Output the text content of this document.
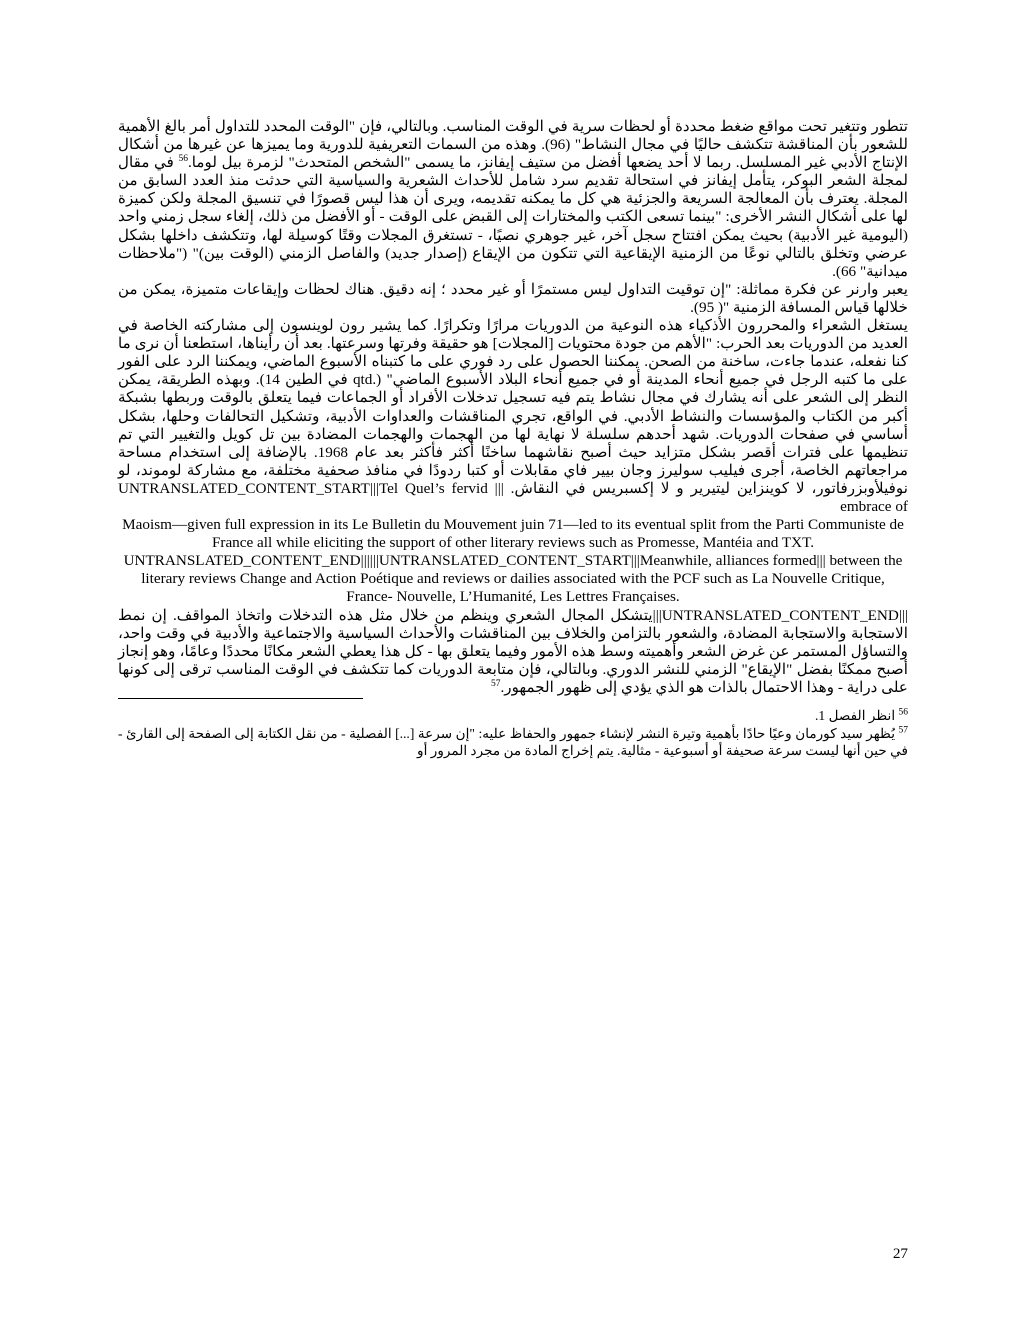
تتطور وتتغير تحت مواقع ضغط محددة أو لحظات سرية في الوقت المناسب. وبالتالي، فإن "الوقت المحدد للتداول أمر بالغ الأهمية للشعور بأن المناقشة تتكشف حاليًا في مجال النشاط" (96). وهذه من السمات التعريفية للدورية وما يميزها عن غيرها من أشكال الإنتاج الأدبي غير المسلسل. ربما لا أحد يضعها أفضل من ستيف إيفانز، ما يسمى "الشخص المتحدث" لزمرة بيل لوما.$^{56}$ في مقال لمجلة الشعر البوكر، يتأمل إيفانز في استحالة تقديم سرد شامل للأحداث الشعرية والسياسية التي حدثت منذ العدد السابق من المجلة. يعترف بأن المعالجة السريعة والجزئية هي كل ما يمكنه تقديمه، ويرى أن هذا ليس قصورًا في تنسيق المجلة ولكن كميزة لها على أشكال النشر الأخرى: "بينما تسعى الكتب والمختارات إلى القبض على الوقت - أو الأفضل من ذلك، إلغاء سجل زمني واحد (اليومية غير الأدبية) بحيث يمكن افتتاح سجل آخر، غير جوهري نصيًا، - تستغرق المجلات وقتًا كوسيلة لها، وتتكشف داخلها بشكل عرضي وتخلق بالتالي نوعًا من الزمنية الإيقاعية التي تتكون من الإيقاع (إصدار جديد) والفاصل الزمني (الوقت بين)" ("ملاحظات ميدانية" 66).

يعبر وارنر عن فكرة مماثلة: "إن توقيت التداول ليس مستمرًا أو غير محدد ؛ إنه دقيق. هناك لحظات وإيقاعات متميزة، يمكن من خلالها قياس المسافة الزمنية "( 95).

يستغل الشعراء والمحررون الأذكياء هذه النوعية من الدوريات مرارًا وتكرارًا. كما يشير رون لوينسون إلى مشاركته الخاصة في العديد من الدوريات بعد الحرب: "الأهم من جودة محتويات [المجلات] هو حقيقة وفرتها وسرعتها. بعد أن رأيناها، استطعنا أن نرى ما كنا نفعله، عندما جاءت، ساخنة من الصحن. يمكننا الحصول على رد فوري على ما كتبناه الأسبوع الماضي، ويمكننا الرد على الفور على ما كتبه الرجل في جميع أنحاء المدينة أو في جميع أنحاء البلاد الأسبوع الماضي" (.qtd في الطين 14). وبهذه الطريقة، يمكن النظر إلى الشعر على أنه يشارك في مجال نشاط يتم فيه تسجيل تدخلات الأفراد أو الجماعات فيما يتعلق بالوقت وربطها بشبكة أكبر من الكتاب والمؤسسات والنشاط الأدبي. في الواقع، تجري المناقشات والعداوات الأدبية، وتشكيل التحالفات وحلها، بشكل أساسي في صفحات الدوريات. شهد أحدهم سلسلة لا نهاية لها من الهجمات والهجمات المضادة بين تل كويل والتغيير التي تم تنظيمها على فترات أقصر بشكل متزايد حيث أصبح نقاشهما ساخنًا أكثر فأكثر بعد عام 1968. بالإضافة إلى استخدام مساحة مراجعاتهم الخاصة، أجرى فيليب سوليرز وجان بيير فاي مقابلات أو كتبا ردودًا في منافذ صحفية مختلفة، مع مشاركة لوموند، لو نوفيلأوبزرفاتور، لا كوينزاين ليتيرير و لا إكسبريس في النقاش. ||| UNTRANSLATED_CONTENT_START|||Tel Quel’s fervid embrace of

Maoism—given full expression in its Le Bulletin du Mouvement juin 71—led to its eventual split from the Parti Communiste de France all while eliciting the support of other literary reviews such as Promesse, Mantéia and TXT. UNTRANSLATED_CONTENT_END||||||UNTRANSLATED_CONTENT_START|||Meanwhile, alliances formed||| between the literary reviews Change and Action Poétique and reviews or dailies associated with the PCF such as La Nouvelle Critique, France- Nouvelle, L’Humanité, Les Lettres Françaises.

|||UNTRANSLATED_CONTENT_END|||يتشكل المجال الشعري وينظم من خلال مثل هذه التدخلات واتخاذ المواقف. إن نمط الاستجابة والاستجابة المضادة، والشعور بالتزامن والخلاف بين المناقشات والأحداث السياسية والاجتماعية والأدبية في وقت واحد، والتساؤل المستمر عن غرض الشعر وأهميته وسط هذه الأمور وفيما يتعلق بها - كل هذا يعطي الشعر مكانًا محددًا وعامًا، وهو إنجاز أصبح ممكنًا بفضل "الإيقاع" الزمني للنشر الدوري. وبالتالي، فإن متابعة الدوريات كما تتكشف في الوقت المناسب ترقى إلى كونها على دراية - وهذا الاحتمال بالذات هو الذي يؤدي إلى ظهور الجمهور.$^{57}$

$^{56}$ انظر الفصل 1.

$^{57}$ يُظهر سيد كورمان وعيًا حادًا بأهمية وتيرة النشر لإنشاء جمهور والحفاظ عليه: "إن سرعة [...] الفصلية - من نقل الكتابة إلى الصفحة إلى القارئ - في حين أنها ليست سرعة صحيفة أو أسبوعية - مثالية. يتم إخراج المادة من مجرد المرور أو

27
